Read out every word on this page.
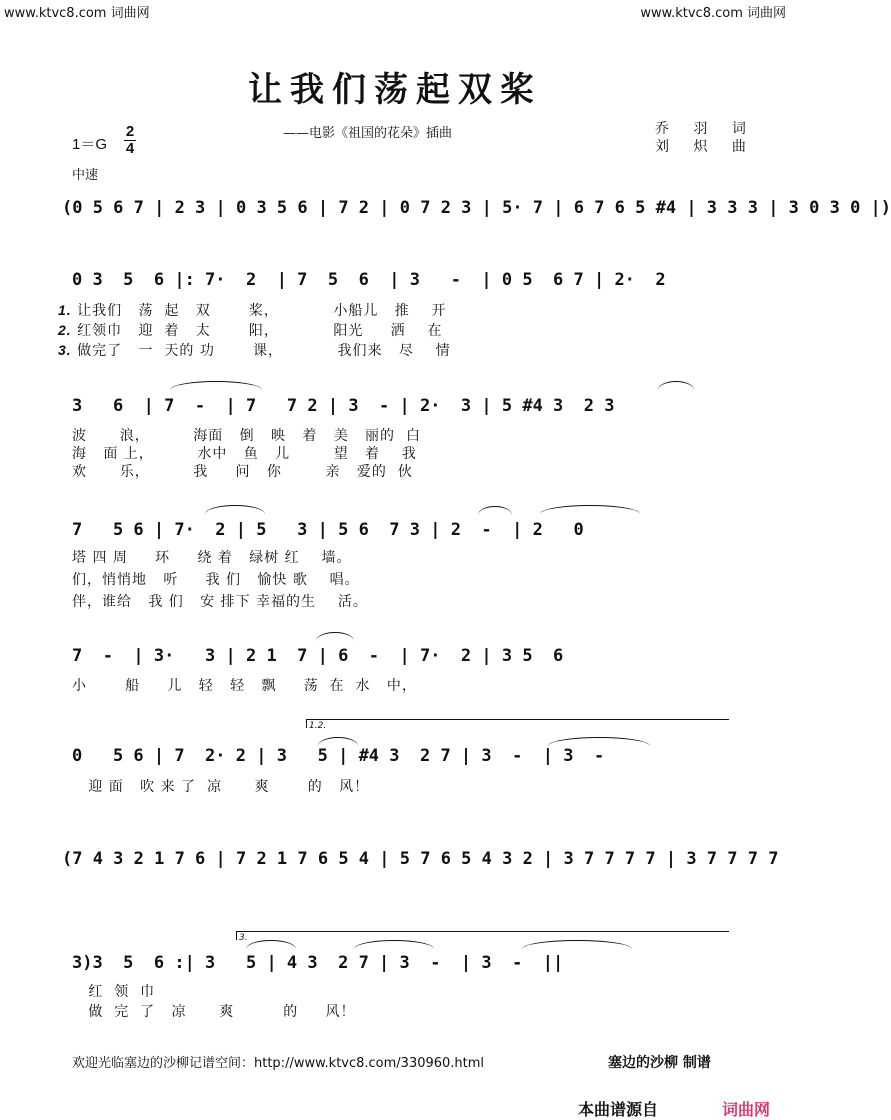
www.ktvc8.com 词曲网	www.ktvc8.com 词曲网
让我们荡起双桨
——电影《祖国的花朵》插曲	乔 羽 词
刘 炽 曲
1＝G
2
4
中速
(0 5 6 7 | 2 3 | 0 3 5 6 | 7 2 | 0 7 2 3 | 5· 7 | 6 7 6 5 #4 | 3 3 3 | 3 0 3 0 |)
0 3  5  6 |: 7·  2  | 7  5  6  | 3   -  | 0 5  6 7 | 2·  2
1. 让我们   荡  起   双       桨，          小船儿   推    开
2. 红领巾   迎  着   太       阳，          阳光     洒    在
3. 做完了   一  天的 功       课，          我们来   尽    情
3   6  | 7  -  | 7   7 2 | 3  - | 2·  3 | 5 #4 3  2 3
波      浪，        海面   倒   映   着   美   丽的  白
海   面 上，        水中   鱼   儿        望   着    我
欢      乐，        我     问   你        亲   爱的  伙
7   5 6 | 7·  2 | 5   3 | 5 6  7 3 | 2  -  | 2   0
塔 四 周     环     绕 着   绿树 红    墙。
们，悄悄地   听     我 们   愉快 歌    唱。
伴，谁给   我 们   安 排下 幸福的生    活。
7  -  | 3·   3 | 2 1  7 | 6  -  | 7·  2 | 3 5  6
小       船     儿   轻   轻   飘     荡  在  水   中，
1.2.
0   5 6 | 7  2· 2 | 3   5 | #4 3  2 7 | 3  -  | 3  -
迎 面   吹 来 了  凉      爽       的   风！
(7 4 3 2 1 7 6 | 7 2 1 7 6 5 4 | 5 7 6 5 4 3 2 | 3 7 7 7 7 | 3 7 7 7 7
3.
3)3  5  6 :| 3   5 | 4 3  2 7 | 3  -  | 3  -  ||
红  领  巾
做  完  了   凉      爽         的     风！
欢迎光临塞边的沙柳记谱空间：http://www.ktvc8.com/330960.html	塞边的沙柳 制谱
本曲谱源自	词曲网
